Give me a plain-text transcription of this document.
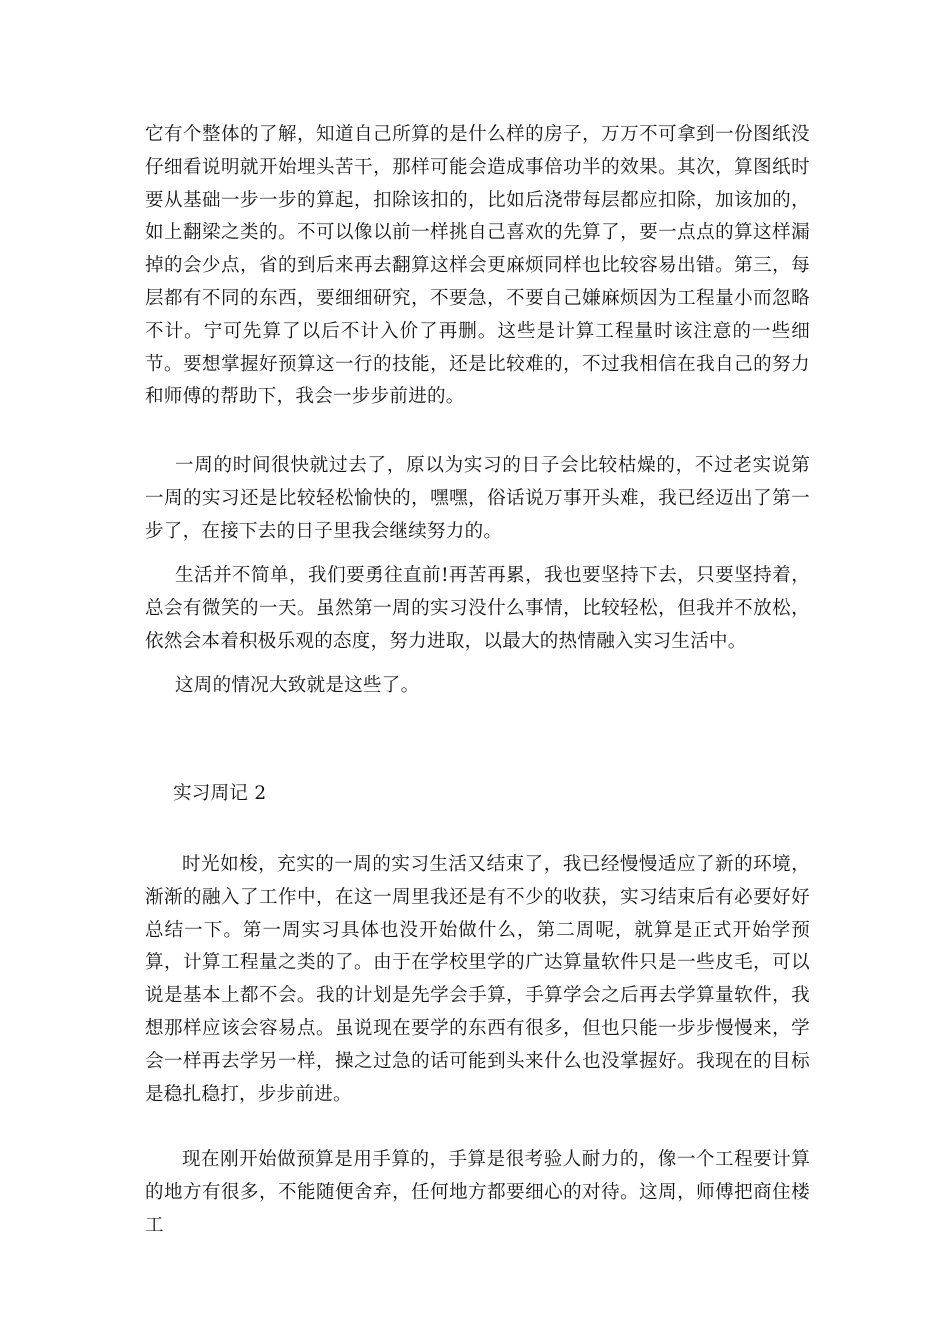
它有个整体的了解，知道自己所算的是什么样的房子，万万不可拿到一份图纸没仔细看说明就开始埋头苦干，那样可能会造成事倍功半的效果。其次，算图纸时要从基础一步一步的算起，扣除该扣的，比如后浇带每层都应扣除，加该加的，如上翻梁之类的。不可以像以前一样挑自己喜欢的先算了，要一点点的算这样漏掉的会少点，省的到后来再去翻算这样会更麻烦同样也比较容易出错。第三，每层都有不同的东西，要细细研究，不要急，不要自己嫌麻烦因为工程量小而忽略不计。宁可先算了以后不计入价了再删。这些是计算工程量时该注意的一些细节。要想掌握好预算这一行的技能，还是比较难的，不过我相信在我自己的努力和师傅的帮助下，我会一步步前进的。

一周的时间很快就过去了，原以为实习的日子会比较枯燥的，不过老实说第一周的实习还是比较轻松愉快的，嘿嘿，俗话说万事开头难，我已经迈出了第一步了，在接下去的日子里我会继续努力的。

生活并不简单，我们要勇往直前!再苦再累，我也要坚持下去，只要坚持着，总会有微笑的一天。虽然第一周的实习没什么事情，比较轻松，但我并不放松，依然会本着积极乐观的态度，努力进取，以最大的热情融入实习生活中。

这周的情况大致就是这些了。

实习周记 2

时光如梭，充实的一周的实习生活又结束了，我已经慢慢适应了新的环境，渐渐的融入了工作中，在这一周里我还是有不少的收获，实习结束后有必要好好总结一下。第一周实习具体也没开始做什么，第二周呢，就算是正式开始学预算，计算工程量之类的了。由于在学校里学的广达算量软件只是一些皮毛，可以说是基本上都不会。我的计划是先学会手算，手算学会之后再去学算量软件，我想那样应该会容易点。虽说现在要学的东西有很多，但也只能一步步慢慢来，学会一样再去学另一样，操之过急的话可能到头来什么也没掌握好。我现在的目标是稳扎稳打，步步前进。

现在刚开始做预算是用手算的，手算是很考验人耐力的，像一个工程要计算的地方有很多，不能随便舍弃，任何地方都要细心的对待。这周，师傅把商住楼工
